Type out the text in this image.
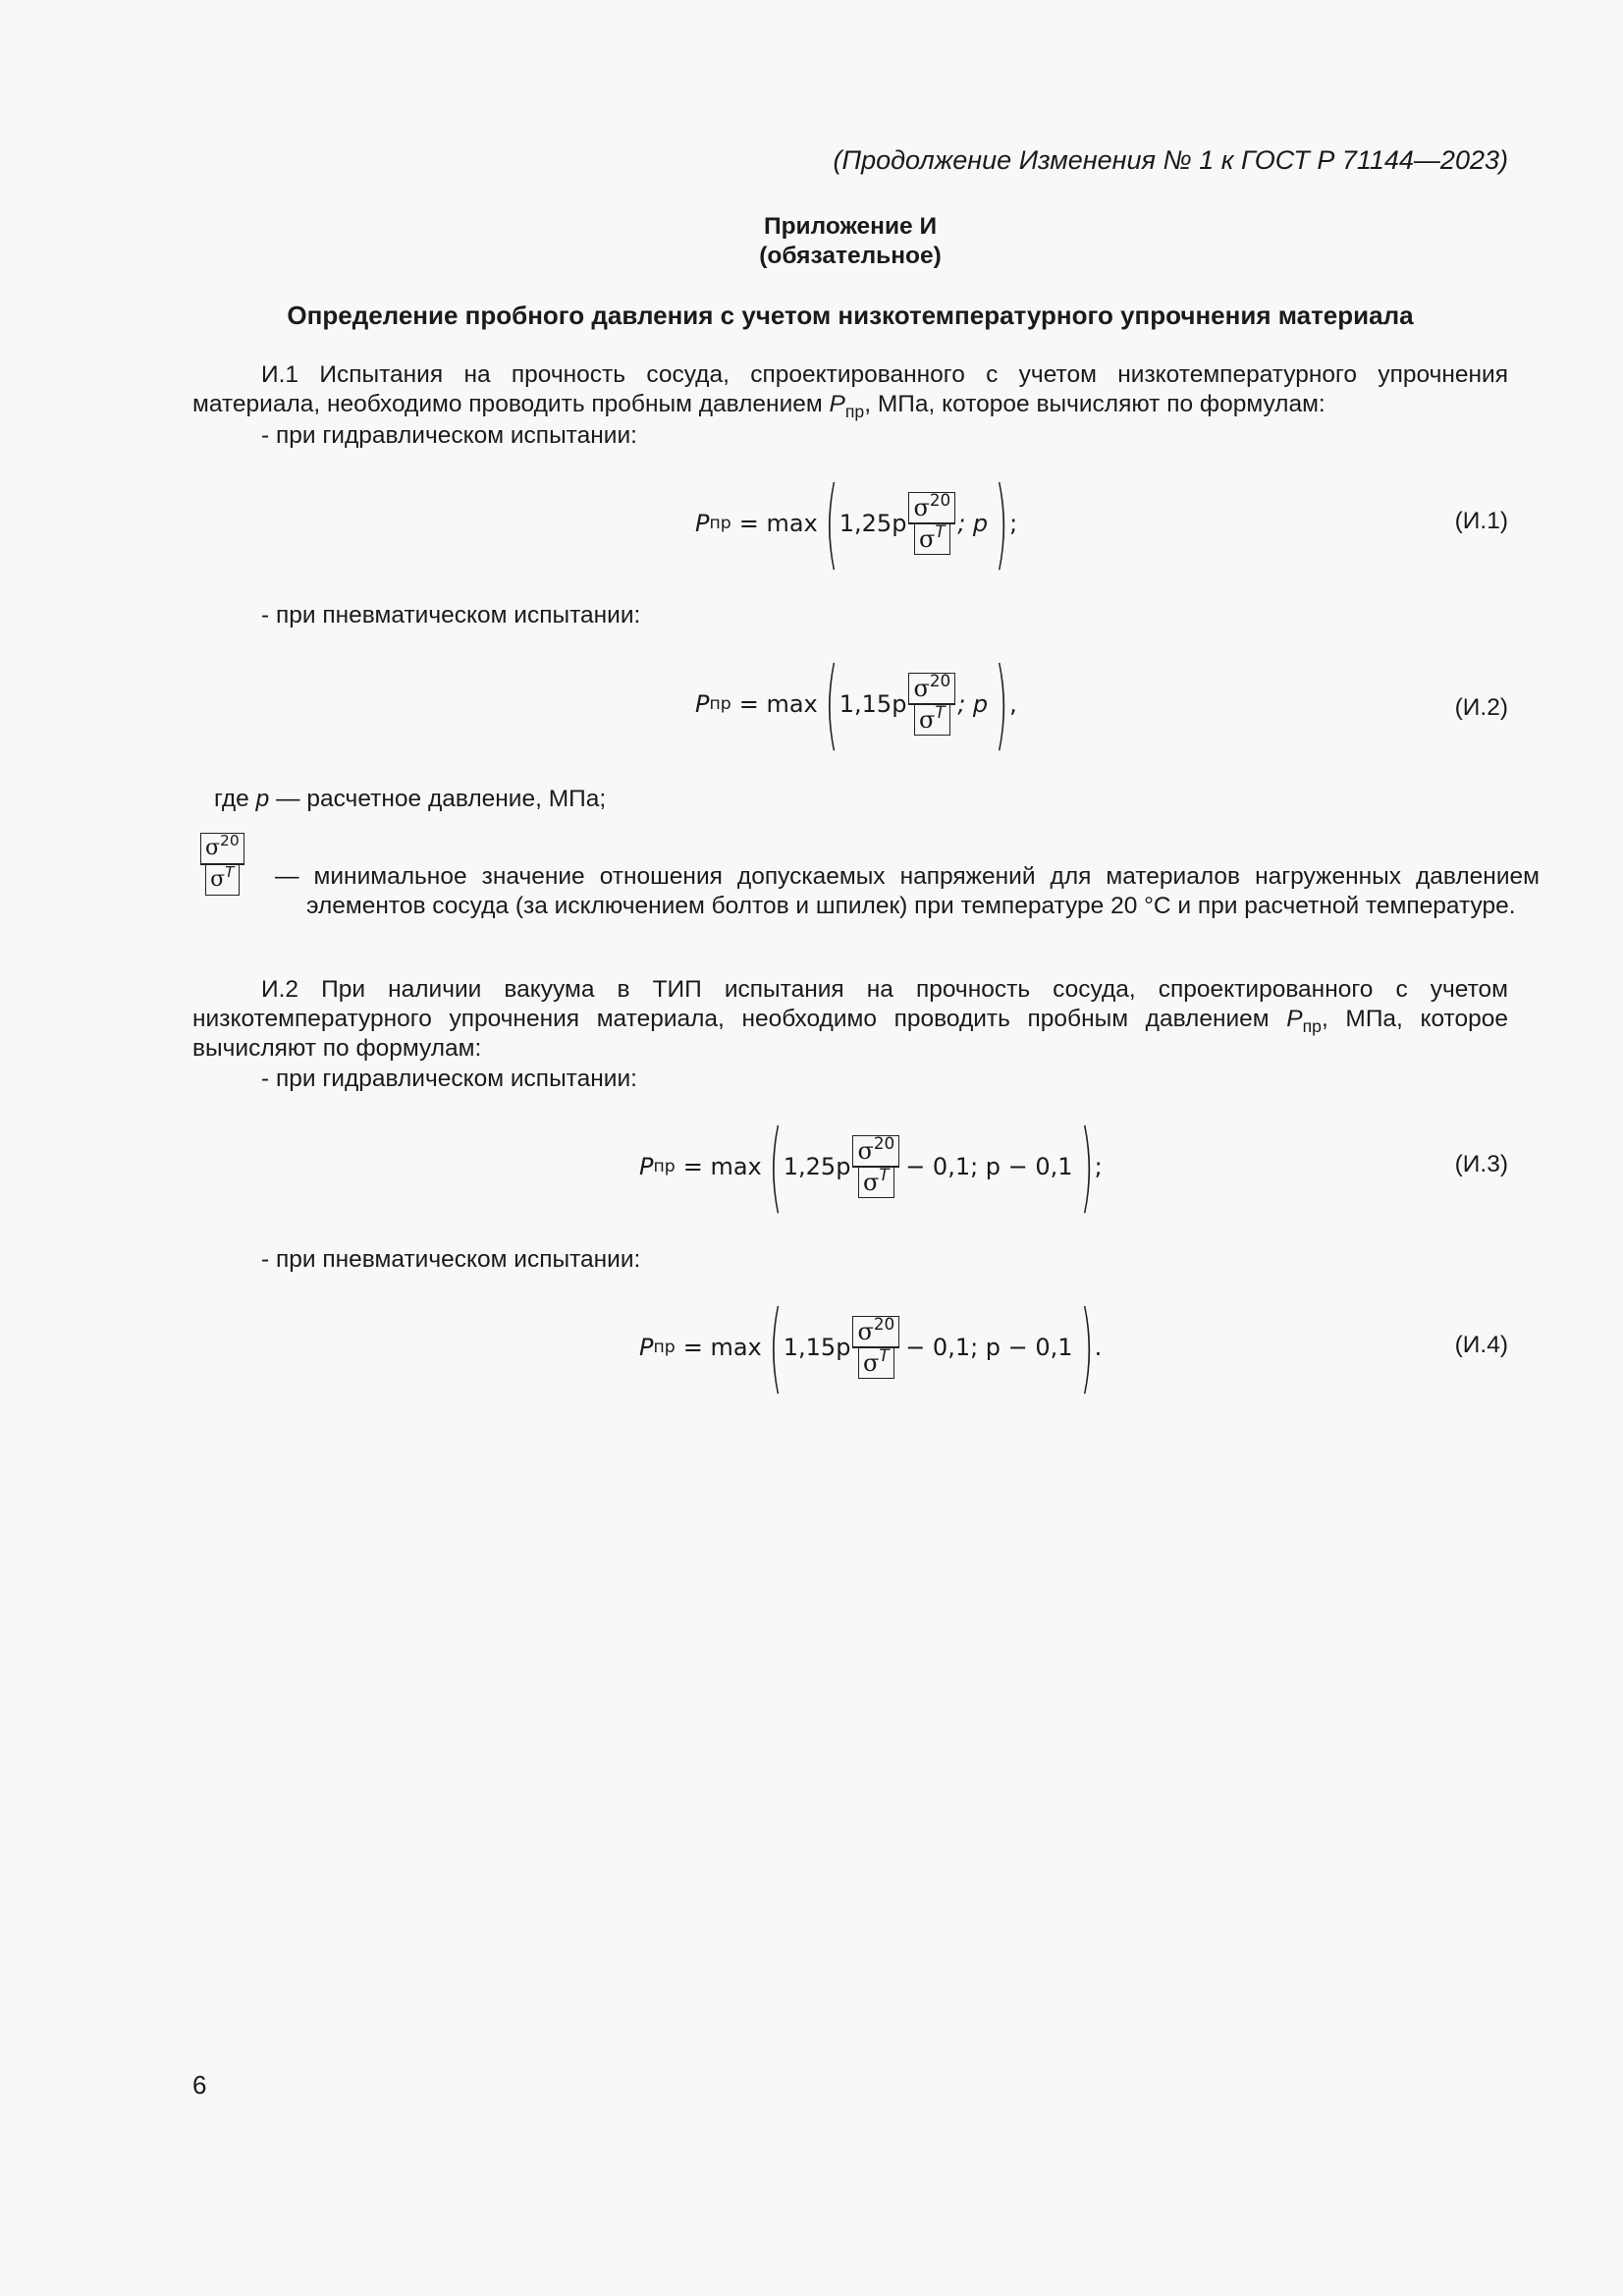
(Продолжение Изменения № 1 к ГОСТ Р 71144—2023)
Приложение И
(обязательное)
Определение пробного давления с учетом низкотемпературного упрочнения материала
И.1 Испытания на прочность сосуда, спроектированного с учетом низкотемпературного упрочнения материала, необходимо проводить пробным давлением $P_{пр}$, МПа, которое вычисляют по формулам:
- при гидравлическом испытании:
P пр = max ( $1,25p \frac{\sigma^{20}}{\sigma^T}$ ; p ) ;	(И.1)
- при пневматическом испытании:
P пр = max ( $1,15p \frac{\sigma^{20}}{\sigma^T}$ ; p ) ,	(И.2)
где p — расчетное давление, МПа;
$\frac{\sigma^{20}}{\sigma^T}$ — минимальное значение отношения допускаемых напряжений для материалов нагруженных давлением элементов сосуда (за исключением болтов и шпилек) при температуре 20 °С и при расчетной температуре.
И.2 При наличии вакуума в ТИП испытания на прочность сосуда, спроектированного с учетом низкотемпературного упрочнения материала, необходимо проводить пробным давлением $P_{пр}$, МПа, которое вычисляют по формулам:
- при гидравлическом испытании:
P пр = max ( $1,25p \frac{\sigma^{20}}{\sigma^T} - 0,1$; p − 0,1 ) ;	(И.3)
- при пневматическом испытании:
P пр = max ( $1,15p \frac{\sigma^{20}}{\sigma^T} - 0,1$; p − 0,1 ) .	(И.4)
6
